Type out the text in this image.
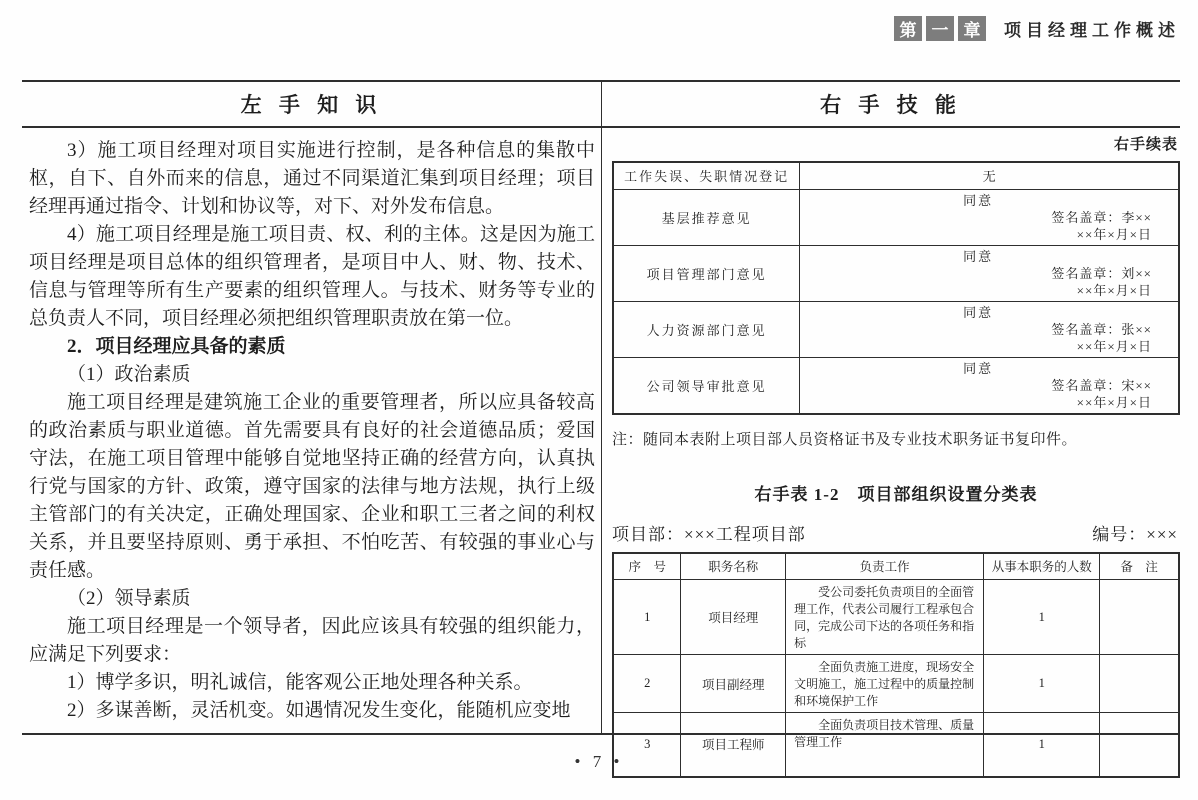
第 一 章	项目经理工作概述
左 手 知 识

3）施工项目经理对项目实施进行控制，是各种信息的集散中枢，自下、自外而来的信息，通过不同渠道汇集到项目经理；项目经理再通过指令、计划和协议等，对下、对外发布信息。

4）施工项目经理是施工项目责、权、利的主体。这是因为施工项目经理是项目总体的组织管理者，是项目中人、财、物、技术、信息与管理等所有生产要素的组织管理人。与技术、财务等专业的总负责人不同，项目经理必须把组织管理职责放在第一位。

2．项目经理应具备的素质

（1）政治素质

施工项目经理是建筑施工企业的重要管理者，所以应具备较高的政治素质与职业道德。首先需要具有良好的社会道德品质；爱国守法，在施工项目管理中能够自觉地坚持正确的经营方向，认真执行党与国家的方针、政策，遵守国家的法律与地方法规，执行上级主管部门的有关决定，正确处理国家、企业和职工三者之间的利权关系，并且要坚持原则、勇于承担、不怕吃苦、有较强的事业心与责任感。

（2）领导素质

施工项目经理是一个领导者，因此应该具有较强的组织能力，应满足下列要求：

1）博学多识，明礼诚信，能客观公正地处理各种关系。

2）多谋善断，灵活机变。如遇情况发生变化，能随机应变地

右 手 技 能
右手续表
工作失误、失职情况登记	无
基层推荐意见	同意
签名盖章：李××
××年×月×日

项目管理部门意见	同意
签名盖章：刘××
××年×月×日

人力资源部门意见	同意
签名盖章：张××
××年×月×日

公司领导审批意见	同意
签名盖章：宋××
××年×月×日
注：随同本表附上项目部人员资格证书及专业技术职务证书复印件。
右手表 1-2　项目部组织设置分类表
项目部：×××工程项目部	编号：×××
序　号	职务名称	负责工作	从事本职务的人数	备　注
1	项目经理	受公司委托负责项目的全面管理工作，代表公司履行工程承包合同，完成公司下达的各项任务和指标	1	
2	项目副经理	全面负责施工进度，现场安全文明施工，施工过程中的质量控制和环境保护工作	1	
3	项目工程师	全面负责项目技术管理、质量管理工作	1	
• 7 •
